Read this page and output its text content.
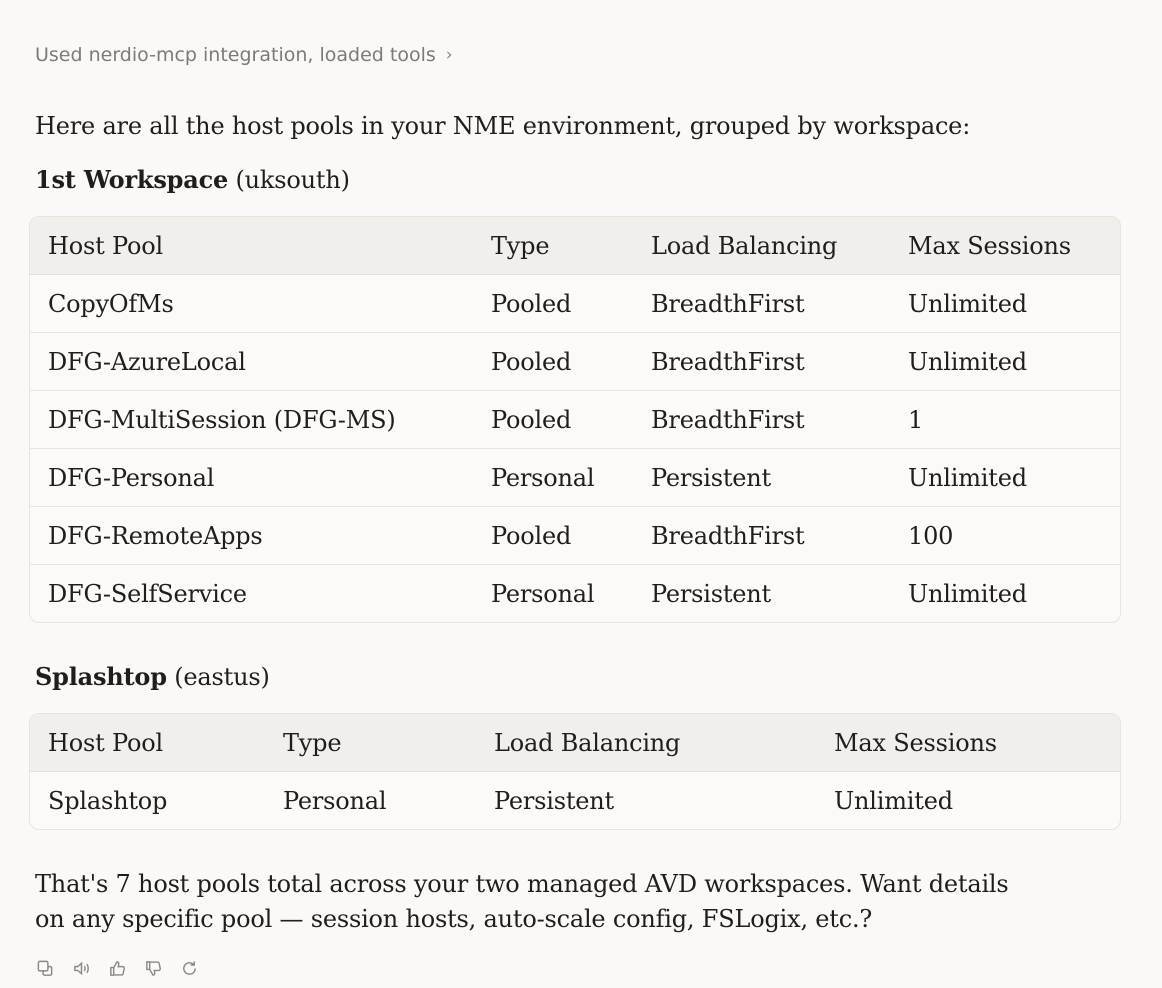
Used nerdio-mcp integration, loaded tools ›

Here are all the host pools in your NME environment, grouped by workspace:

1st Workspace (uksouth)

Host Pool	Type	Load Balancing	Max Sessions
CopyOfMs	Pooled	BreadthFirst	Unlimited
DFG-AzureLocal	Pooled	BreadthFirst	Unlimited
DFG-MultiSession (DFG-MS)	Pooled	BreadthFirst	1
DFG-Personal	Personal	Persistent	Unlimited
DFG-RemoteApps	Pooled	BreadthFirst	100
DFG-SelfService	Personal	Persistent	Unlimited

Splashtop (eastus)

Host Pool	Type	Load Balancing	Max Sessions
Splashtop	Personal	Persistent	Unlimited

That's 7 host pools total across your two managed AVD workspaces. Want details on any specific pool — session hosts, auto-scale config, FSLogix, etc.?
